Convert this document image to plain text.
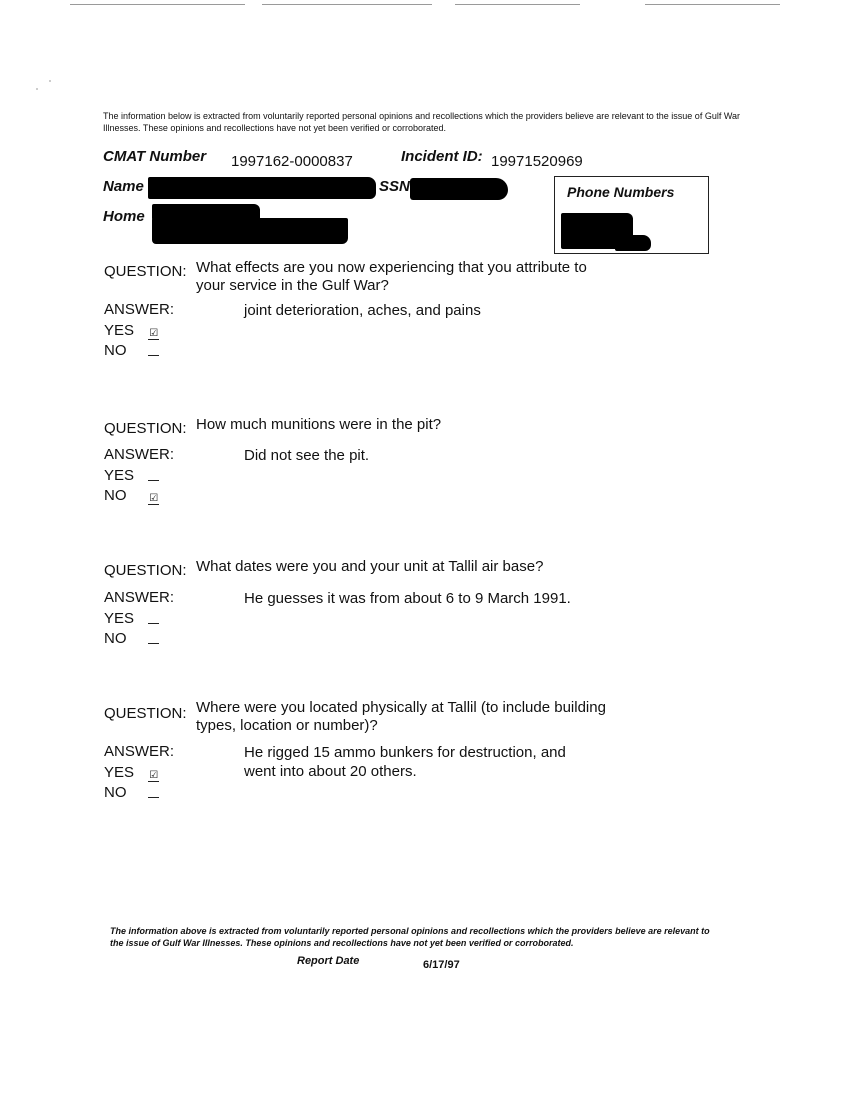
The information below is extracted from voluntarily reported personal opinions and recollections which the providers believe are relevant to the issue of Gulf War Illnesses. These opinions and recollections have not yet been verified or corroborated.
CMAT Number 1997162-0000837	Incident ID: 19971520969
Name	SSN
Home
Phone Numbers
QUESTION: What effects are you now experiencing that you attribute to your service in the Gulf War?
ANSWER:	joint deterioration, aches, and pains
YES ☑
NO
QUESTION: How much munitions were in the pit?
ANSWER:	Did not see the pit.
YES
NO ☑
QUESTION: What dates were you and your unit at Tallil air base?
ANSWER:	He guesses it was from about 6 to 9 March 1991.
YES
NO
QUESTION: Where were you located physically at Tallil (to include building types, location or number)?
ANSWER:	He rigged 15 ammo bunkers for destruction, and went into about 20 others.
YES ☑
NO
The information above is extracted from voluntarily reported personal opinions and recollections which the providers believe are relevant to the issue of Gulf War Illnesses. These opinions and recollections have not yet been verified or corroborated.
Report Date	6/17/97
